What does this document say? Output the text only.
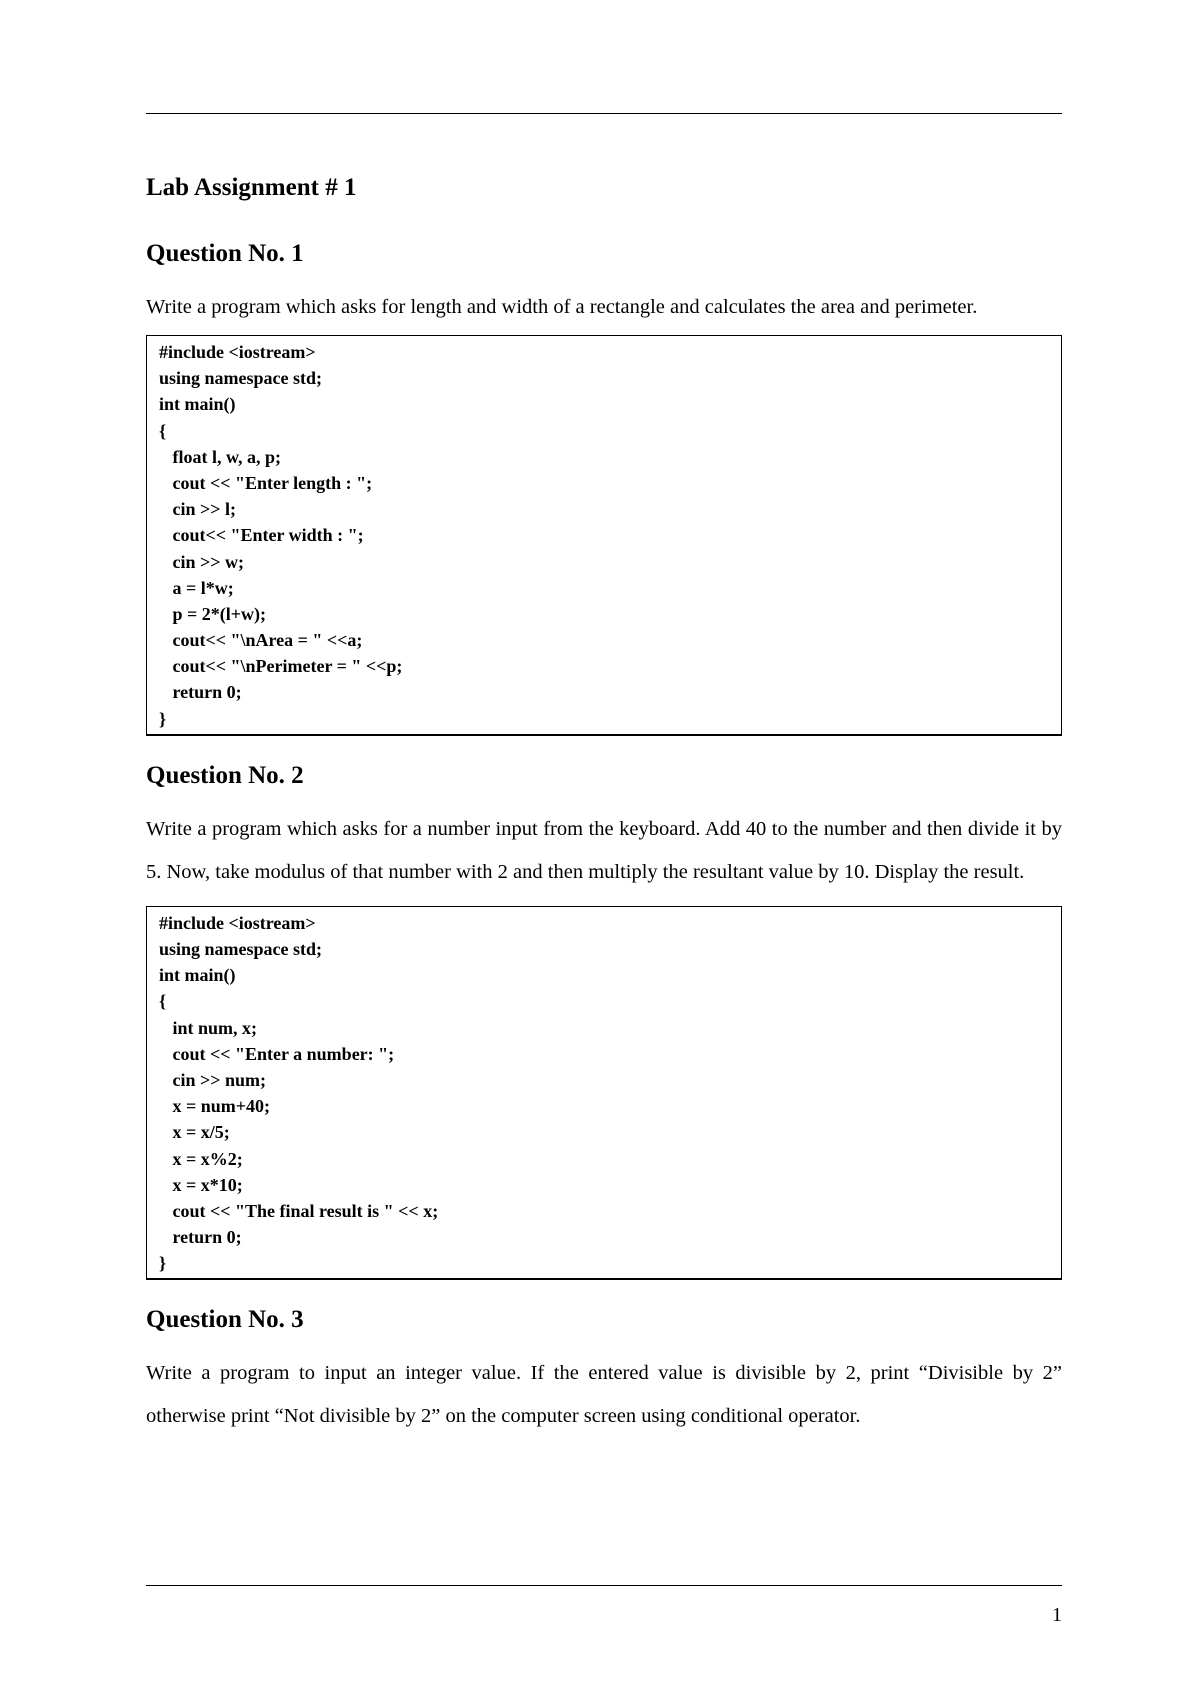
Lab Assignment # 1
Question No. 1

Write a program which asks for length and width of a rectangle and calculates the area and perimeter.

#include <iostream>
using namespace std;
int main()
{
float l, w, a, p;
cout << "Enter length : ";
cin >> l;
cout<< "Enter width : ";
cin >> w;
a = l*w;
p = 2*(l+w);
cout<< "\nArea = " <<a;
cout<< "\nPerimeter = " <<p;
return 0;
}
Question No. 2

Write a program which asks for a number input from the keyboard. Add 40 to the number and then divide it by 5. Now, take modulus of that number with 2 and then multiply the resultant value by 10. Display the result.

#include <iostream>
using namespace std;
int main()
{
int num, x;
cout << "Enter a number: ";
cin >> num;
x = num+40;
x = x/5;
x = x%2;
x = x*10;
cout << "The final result is " << x;
return 0;
}
Question No. 3

Write a program to input an integer value. If the entered value is divisible by 2, print “Divisible by 2” otherwise print “Not divisible by 2” on the computer screen using conditional operator.

1
